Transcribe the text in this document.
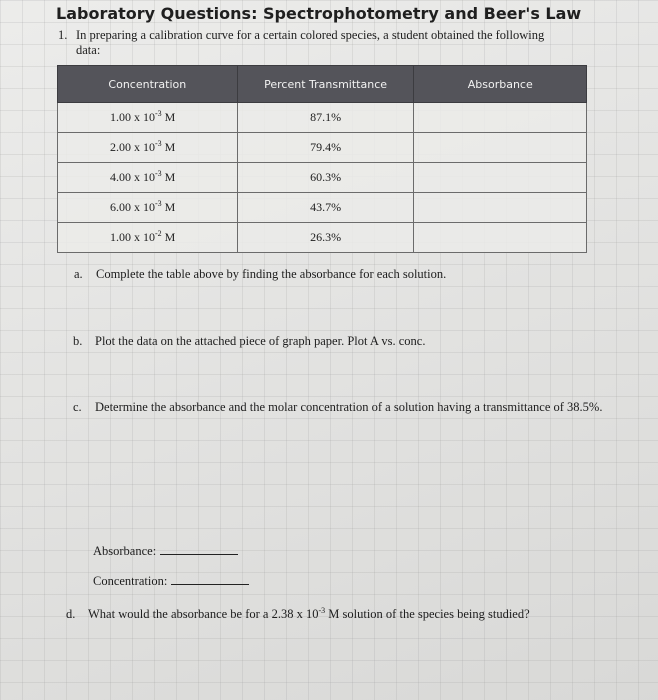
Laboratory Questions: Spectrophotometry and Beer's Law
1. In preparing a calibration curve for a certain colored species, a student obtained the following data:
Concentration	Percent Transmittance	Absorbance
1.00 x $10^{-3}$ M	87.1%	
2.00 x $10^{-3}$ M	79.4%	
4.00 x $10^{-3}$ M	60.3%	
6.00 x $10^{-3}$ M	43.7%	
1.00 x $10^{-2}$ M	26.3%	
a. Complete the table above by finding the absorbance for each solution.
b. Plot the data on the attached piece of graph paper. Plot A vs. conc.
c. Determine the absorbance and the molar concentration of a solution having a transmittance of 38.5%.
Absorbance:
Concentration:
d. What would the absorbance be for a 2.38 x $10^{-3}$ M solution of the species being studied?
